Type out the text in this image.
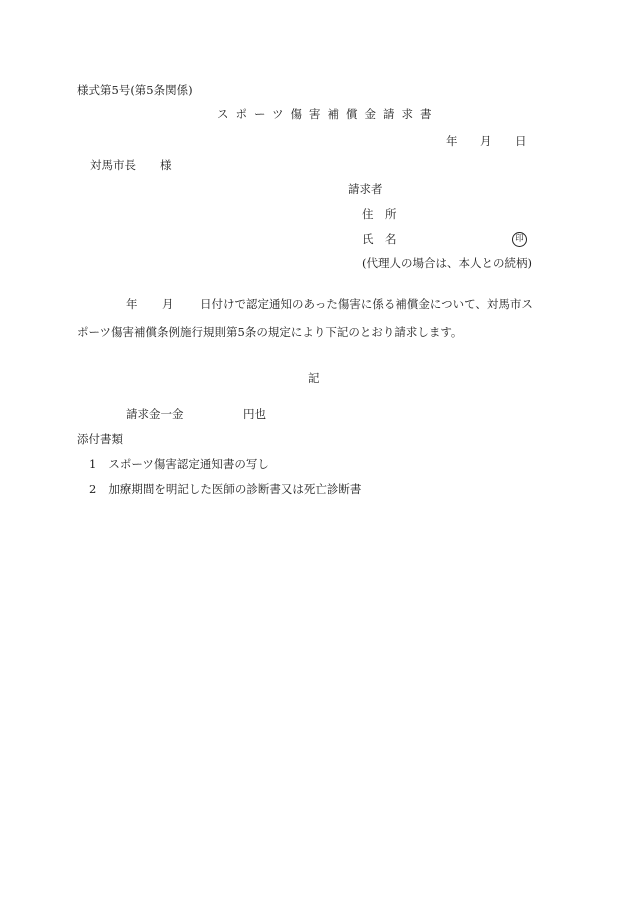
様式第5号(第5条関係)
スポーツ傷害補償金請求書
年 月 日
対馬市長 様
請求者
住　所
氏　名	印
(代理人の場合は、本人との続柄)
年 月 日付けで認定通知のあった傷害に係る補償金について、対馬市ス
ポーツ傷害補償条例施行規則第5条の規定により下記のとおり請求します。
記
請求金一金	円也
添付書類
1 スポーツ傷害認定通知書の写し
2 加療期間を明記した医師の診断書又は死亡診断書
